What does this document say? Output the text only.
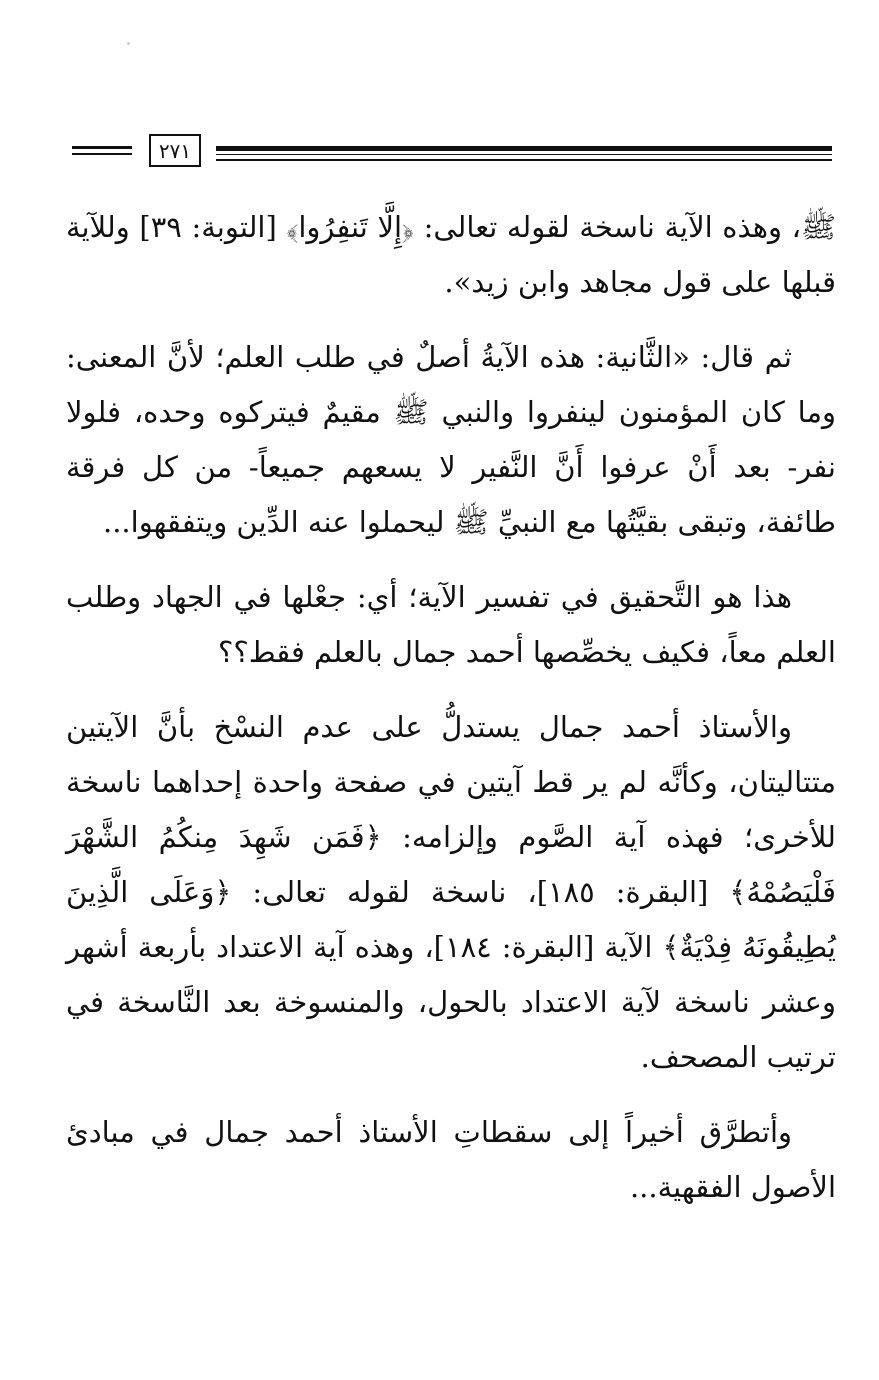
٢٧١

ﷺ، وهذه الآية ناسخة لقوله تعالى: ﴿إِلَّا تَنفِرُوا﴾ [التوبة: ٣٩] وللآية قبلها على قول مجاهد وابن زيد».

ثم قال: «الثَّانية: هذه الآيةُ أصلٌ في طلب العلم؛ لأنَّ المعنى: وما كان المؤمنون لينفروا والنبي ﷺ مقيمٌ فيتركوه وحده، فلولا نفر- بعد أَنْ عرفوا أَنَّ النَّفير لا يسعهم جميعاً- من كل فرقة طائفة، وتبقى بقيَّتُها مع النبيِّ ﷺ ليحملوا عنه الدِّين ويتفقهوا...

هذا هو التَّحقيق في تفسير الآية؛ أي: جعْلها في الجهاد وطلب العلم معاً، فكيف يخصِّصها أحمد جمال بالعلم فقط؟؟

والأستاذ أحمد جمال يستدلُّ على عدم النسْخ بأنَّ الآيتين متتاليتان، وكأنَّه لم ير قط آيتين في صفحة واحدة إحداهما ناسخة للأخرى؛ فهذه آية الصَّوم وإلزامه: ﴿فَمَن شَهِدَ مِنكُمُ الشَّهْرَ فَلْيَصُمْهُ﴾ [البقرة: ١٨٥]، ناسخة لقوله تعالى: ﴿وَعَلَى الَّذِينَ يُطِيقُونَهُ فِدْيَةٌ﴾ الآية [البقرة: ١٨٤]، وهذه آية الاعتداد بأربعة أشهر وعشر ناسخة لآية الاعتداد بالحول، والمنسوخة بعد النَّاسخة في ترتيب المصحف.

وأتطرَّق أخيراً إلى سقطاتِ الأستاذ أحمد جمال في مبادئ الأصول الفقهية...
